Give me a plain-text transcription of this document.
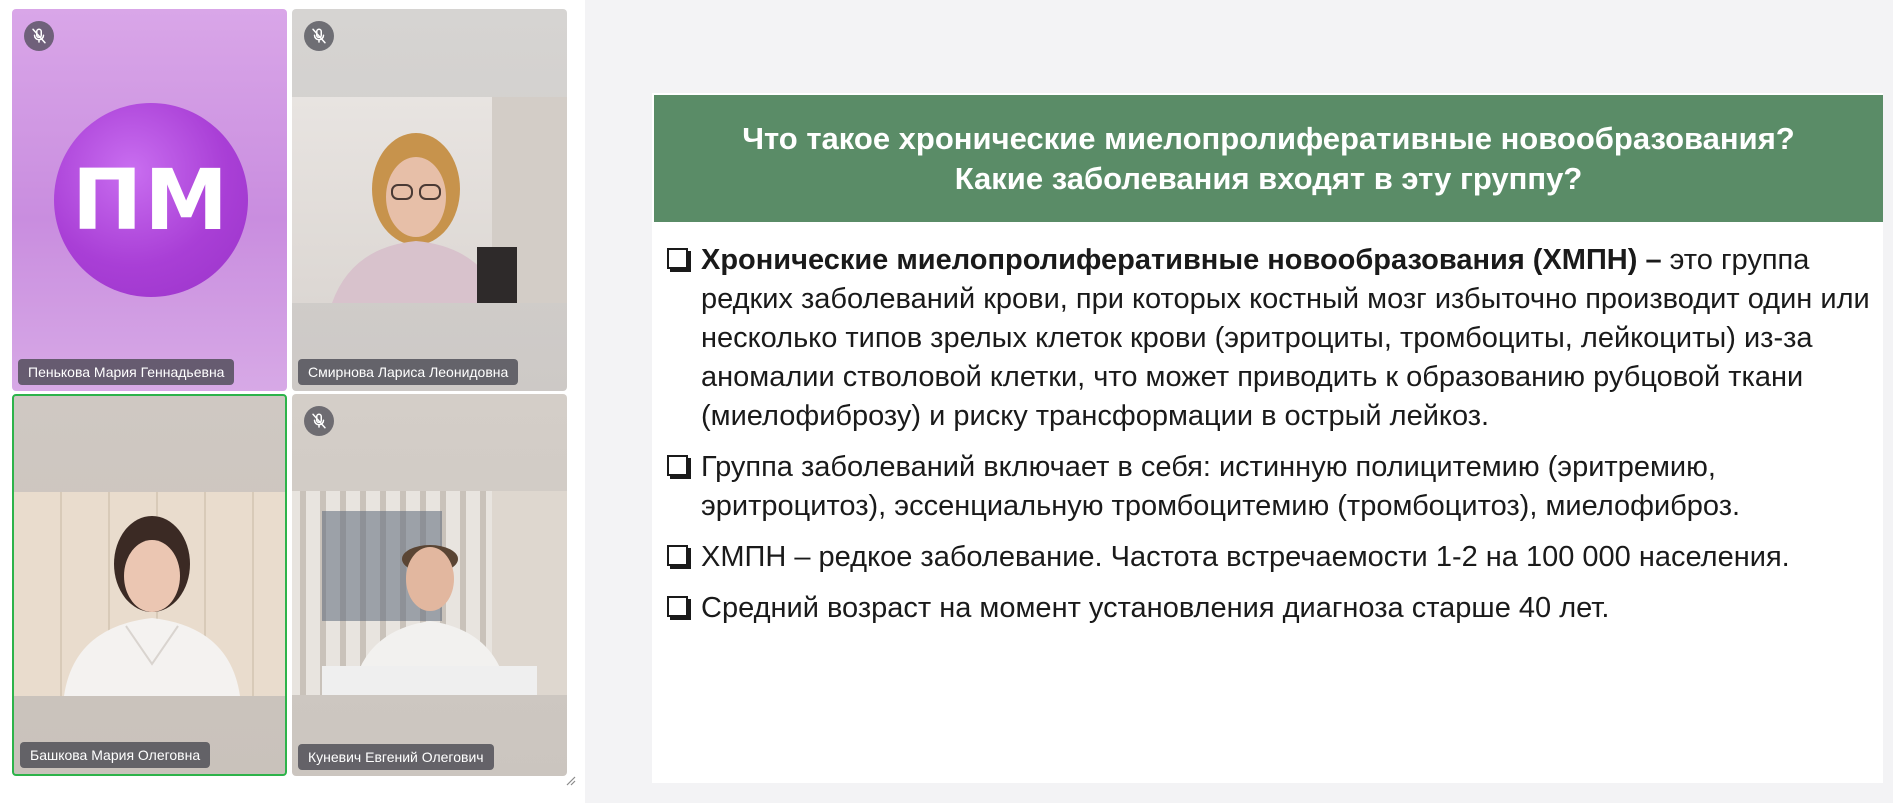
ПМ
Пенькова Мария Геннадьевна	Смирнова Лариса Леонидовна
Башкова Мария Олеговна	Куневич Евгений Олегович
Что такое хронические миелопролиферативные новообразования?
Какие заболевания входят в эту группу?
Хронические миелопролиферативные новообразования (ХМПН) – это группа редких заболеваний крови, при которых костный мозг избыточно производит один или несколько типов зрелых клеток крови (эритроциты, тромбоциты, лейкоциты) из-за аномалии стволовой клетки, что может приводить к образованию рубцовой ткани (миелофиброзу) и риску трансформации в острый лейкоз.
Группа заболеваний включает в себя: истинную полицитемию (эритремию, эритроцитоз), эссенциальную тромбоцитемию (тромбоцитоз), миелофиброз.
ХМПН – редкое заболевание. Частота встречаемости 1-2 на 100 000 населения.
Средний возраст на момент установления диагноза старше 40 лет.
